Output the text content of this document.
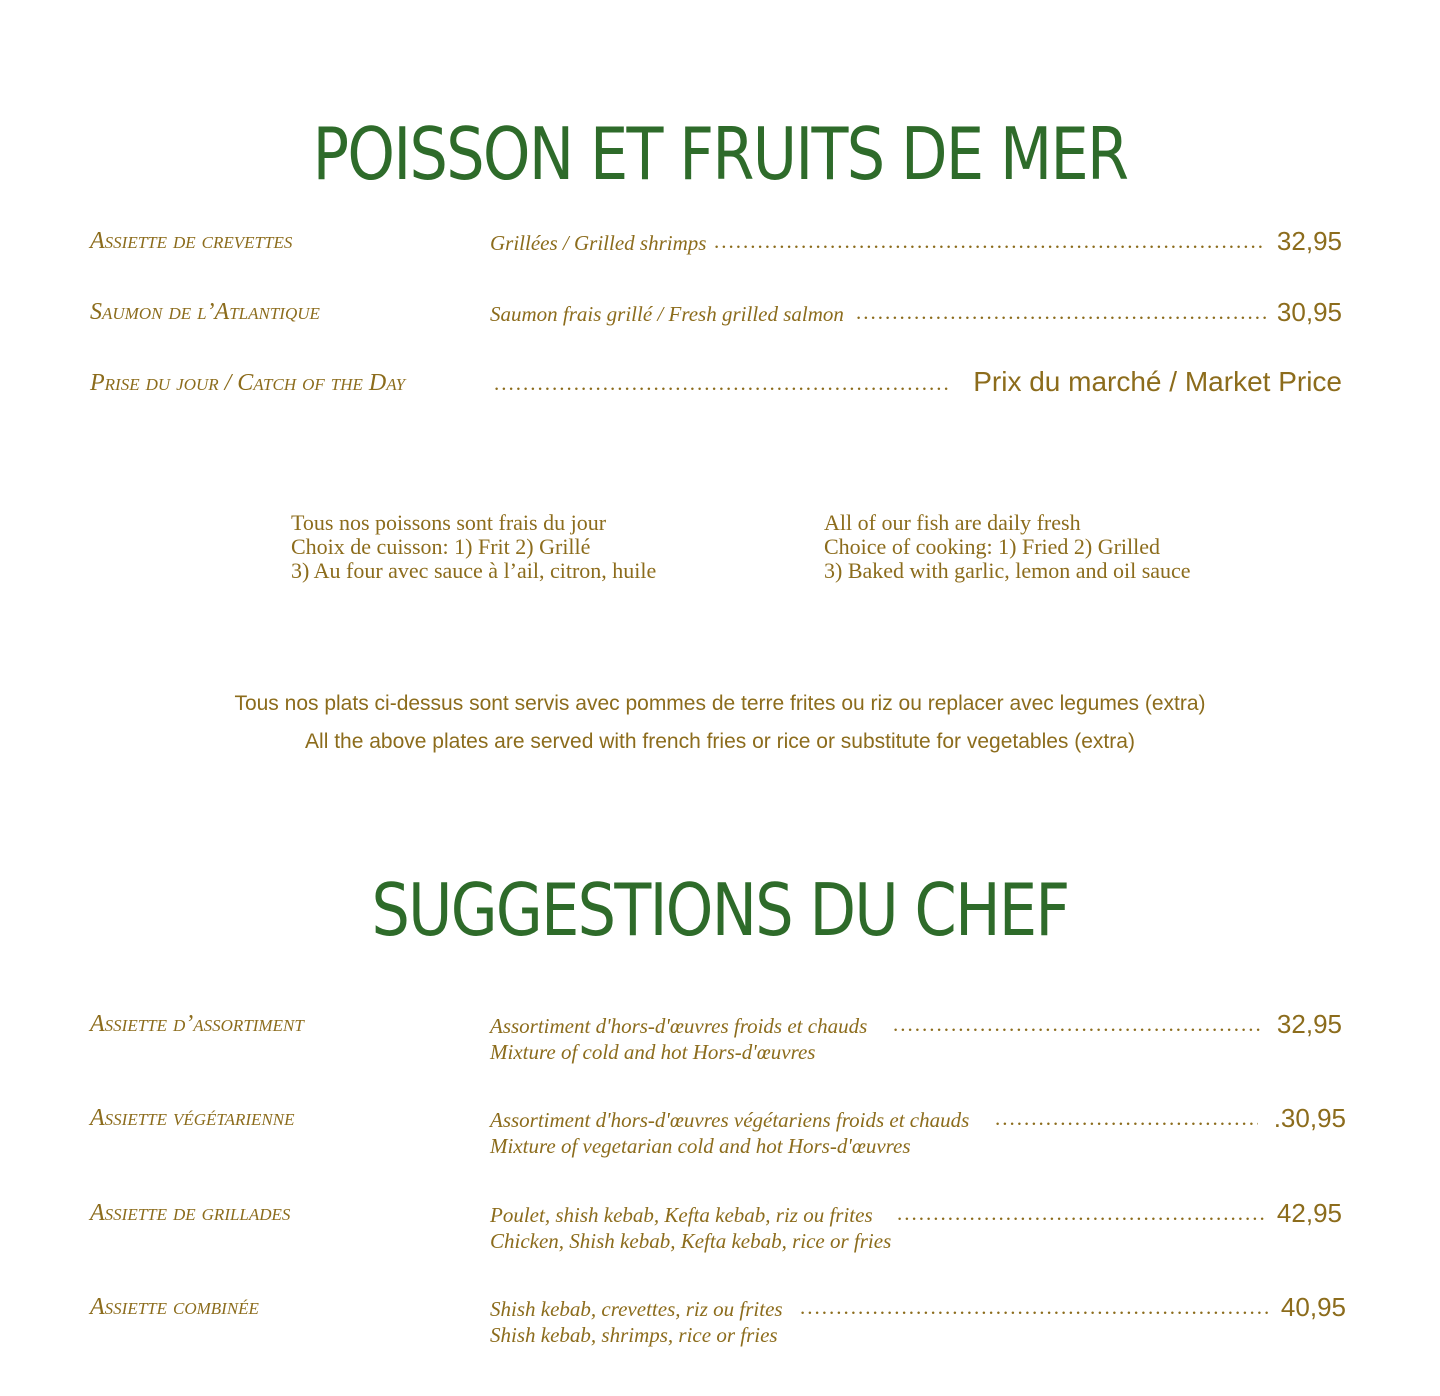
POISSON ET FRUITS DE MER
Assiette de crevettes	Grillées / Grilled shrimps .....	32,95
Saumon de l’Atlantique	Saumon frais grillé / Fresh grilled salmon .....	30,95
Prise du jour / Catch of the Day .....	Prix du marché / Market Price
Tous nos poissons sont frais du jour
Choix de cuisson: 1) Frit 2) Grillé
3) Au four avec sauce à l’ail, citron, huile
All of our fish are daily fresh
Choice of cooking: 1) Fried 2) Grilled
3) Baked with garlic, lemon and oil sauce
Tous nos plats ci-dessus sont servis avec pommes de terre frites ou riz ou replacer avec legumes (extra)
All the above plates are served with french fries or rice or substitute for vegetables (extra)
SUGGESTIONS DU CHEF
Assiette d’assortiment	Assortiment d'hors-d'œuvres froids et chauds .....	32,95
Mixture of cold and hot Hors-d'œuvres
Assiette végétarienne	Assortiment d'hors-d'œuvres végétariens froids et chauds .....	.30,95
Mixture of vegetarian cold and hot Hors-d'œuvres
Assiette de grillades	Poulet, shish kebab, Kefta kebab, riz ou frites .....	42,95
Chicken, Shish kebab, Kefta kebab, rice or fries
Assiette combinée	Shish kebab, crevettes, riz ou frites .....	40,95
Shish kebab, shrimps, rice or fries
